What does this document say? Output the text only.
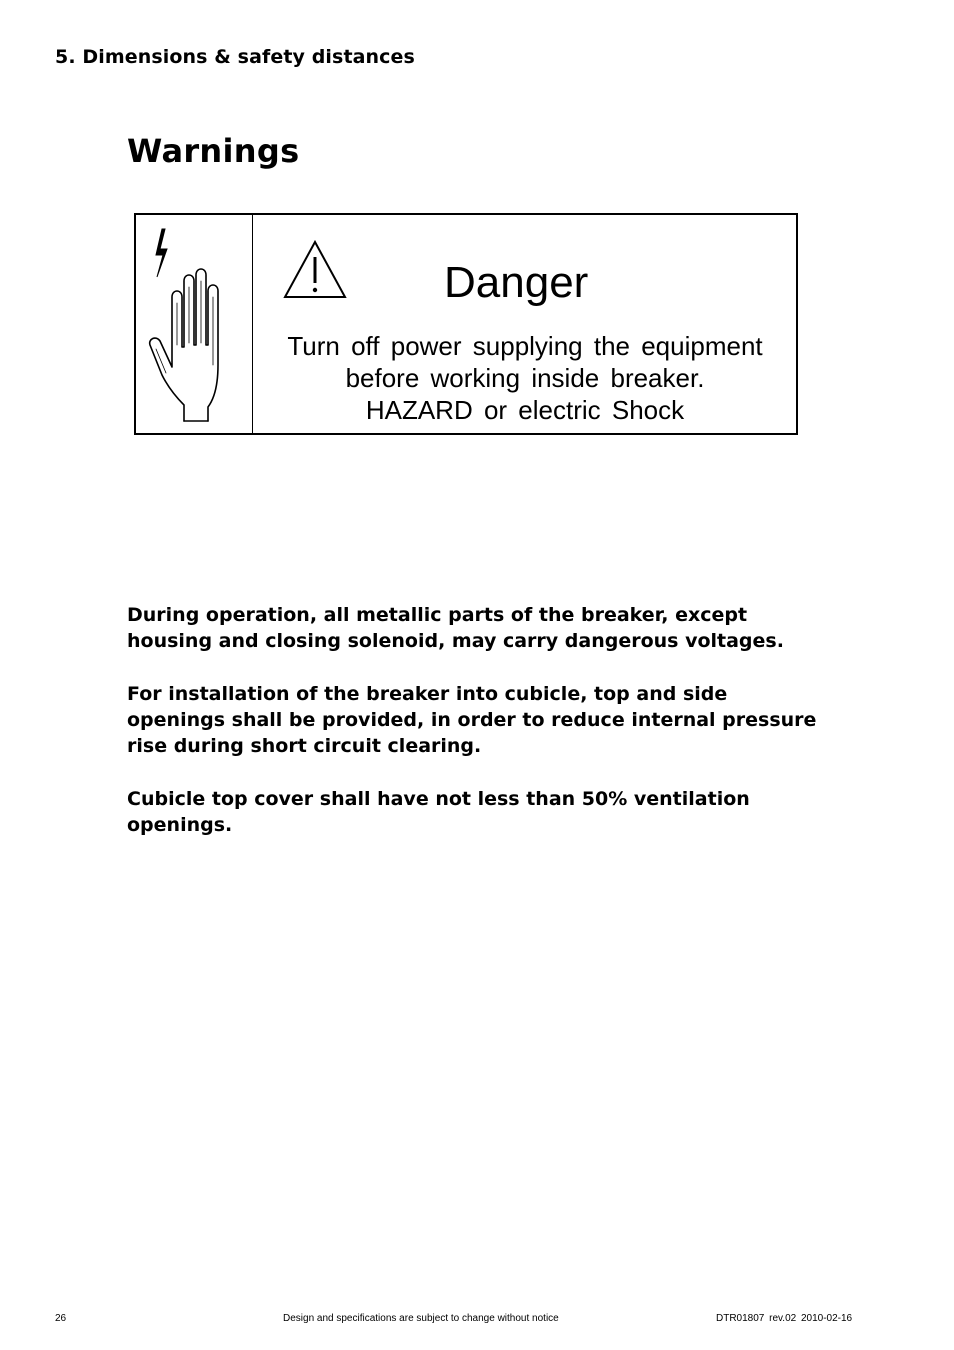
5. Dimensions & safety distances
Warnings
Danger
Turn off power supplying the equipment
before working inside breaker.
HAZARD or electric Shock

During operation, all metallic parts of the breaker, except housing and closing solenoid, may carry dangerous voltages.

For installation of the breaker into cubicle, top and side openings shall be provided, in order to reduce internal pressure rise during short circuit clearing.

Cubicle top cover shall have not less than 50% ventilation openings.

26	Design and specifications are subject to change without notice	DTR01807 rev.02 2010-02-16
